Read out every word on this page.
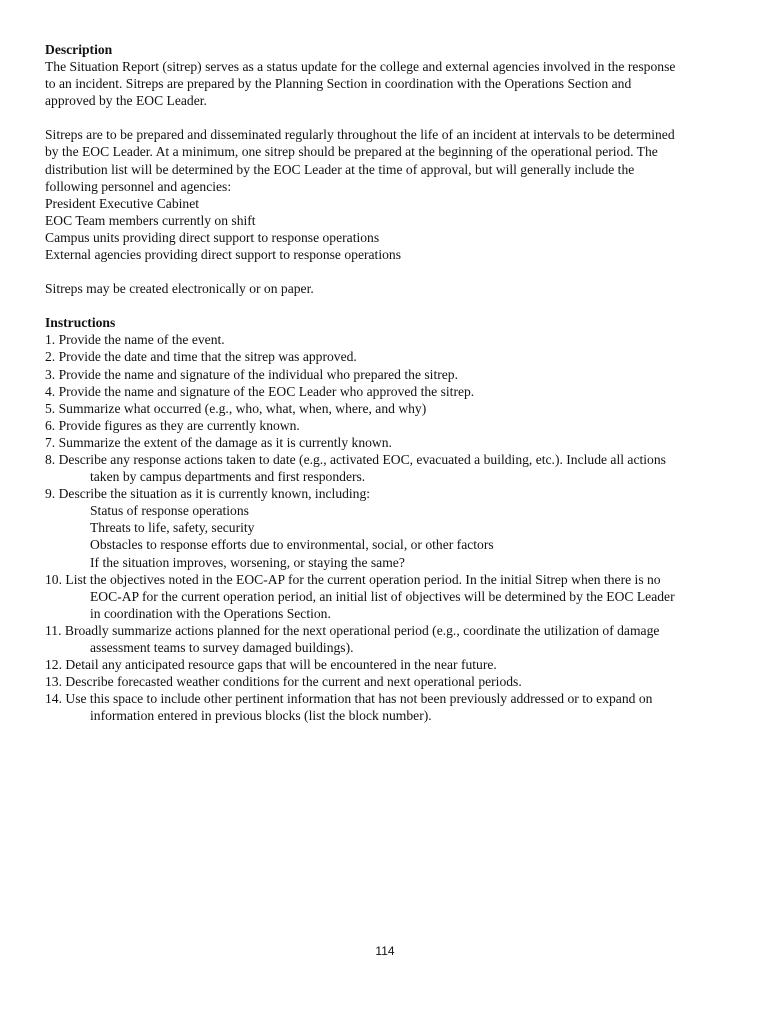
Description

The Situation Report (sitrep) serves as a status update for the college and external agencies involved in the response

to an incident. Sitreps are prepared by the Planning Section in coordination with the Operations Section and

approved by the EOC Leader.

Sitreps are to be prepared and disseminated regularly throughout the life of an incident at intervals to be determined

by the EOC Leader. At a minimum, one sitrep should be prepared at the beginning of the operational period. The

distribution list will be determined by the EOC Leader at the time of approval, but will generally include the

following personnel and agencies:

President Executive Cabinet

EOC Team members currently on shift

Campus units providing direct support to response operations

External agencies providing direct support to response operations

Sitreps may be created electronically or on paper.

Instructions

1. Provide the name of the event.

2. Provide the date and time that the sitrep was approved.

3. Provide the name and signature of the individual who prepared the sitrep.

4. Provide the name and signature of the EOC Leader who approved the sitrep.

5. Summarize what occurred (e.g., who, what, when, where, and why)

6. Provide figures as they are currently known.

7. Summarize the extent of the damage as it is currently known.

8. Describe any response actions taken to date (e.g., activated EOC, evacuated a building, etc.). Include all actions

taken by campus departments and first responders.

9. Describe the situation as it is currently known, including:

Status of response operations

Threats to life, safety, security

Obstacles to response efforts due to environmental, social, or other factors

If the situation improves, worsening, or staying the same?

10. List the objectives noted in the EOC-AP for the current operation period. In the initial Sitrep when there is no

EOC-AP for the current operation period, an initial list of objectives will be determined by the EOC Leader

in coordination with the Operations Section.

11. Broadly summarize actions planned for the next operational period (e.g., coordinate the utilization of damage

assessment teams to survey damaged buildings).

12. Detail any anticipated resource gaps that will be encountered in the near future.

13. Describe forecasted weather conditions for the current and next operational periods.

14. Use this space to include other pertinent information that has not been previously addressed or to expand on

information entered in previous blocks (list the block number).

114
